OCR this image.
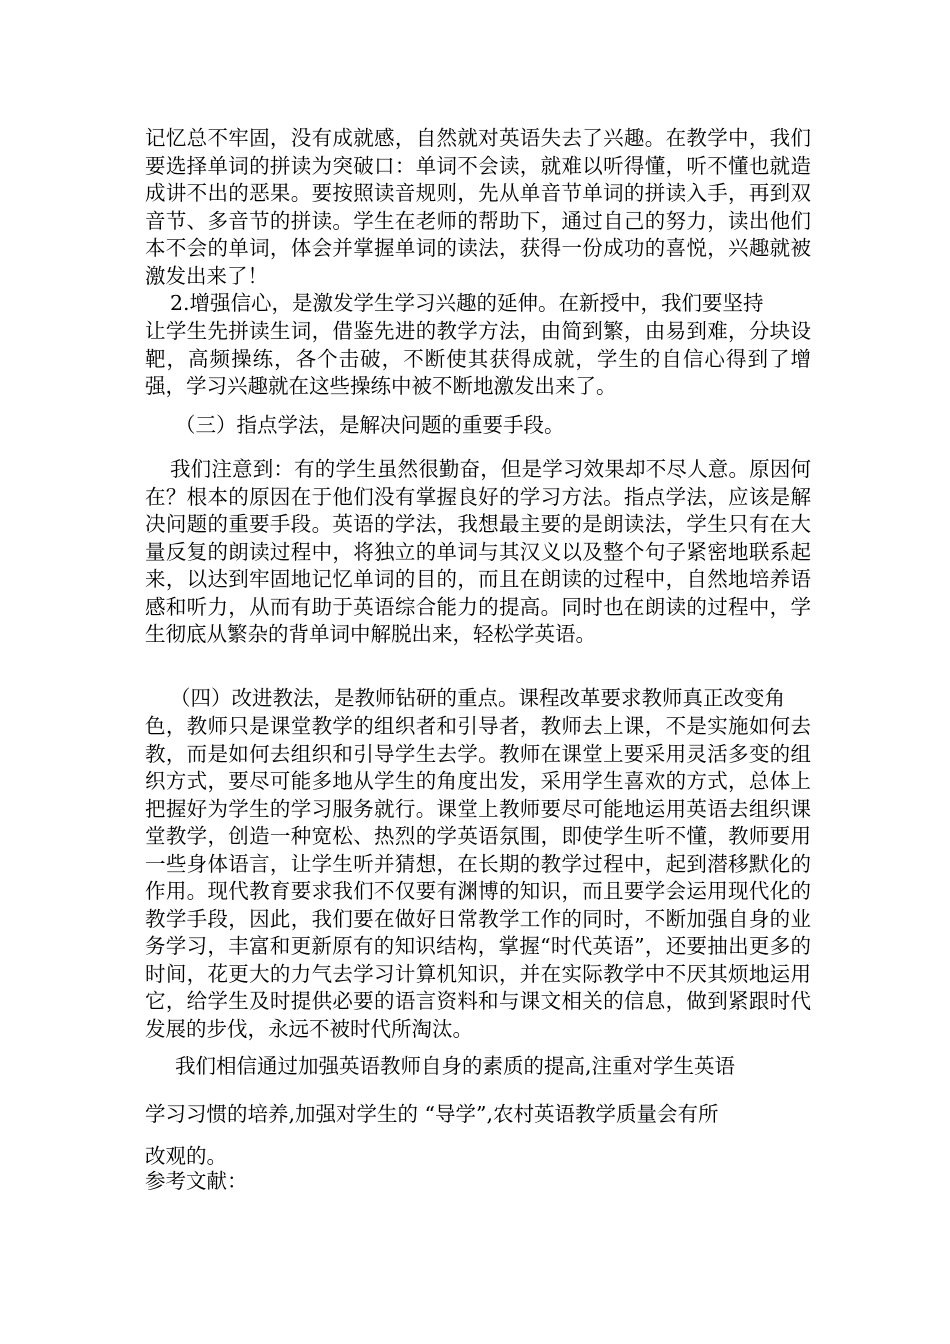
记忆总不牢固，没有成就感，自然就对英语失去了兴趣。在教学中，我们要选择单词的拼读为突破口：单词不会读，就难以听得懂，听不懂也就造成讲不出的恶果。要按照读音规则，先从单音节单词的拼读入手，再到双音节、多音节的拼读。学生在老师的帮助下，通过自己的努力，读出他们本不会的单词，体会并掌握单词的读法，获得一份成功的喜悦，兴趣就被激发出来了！

2.增强信心，是激发学生学习兴趣的延伸。在新授中，我们要坚持

让学生先拼读生词，借鉴先进的教学方法，由简到繁，由易到难，分块设靶，高频操练，各个击破，不断使其获得成就，学生的自信心得到了增强，学习兴趣就在这些操练中被不断地激发出来了。

（三）指点学法，是解决问题的重要手段。

我们注意到：有的学生虽然很勤奋，但是学习效果却不尽人意。原因何在？根本的原因在于他们没有掌握良好的学习方法。指点学法，应该是解决问题的重要手段。英语的学法，我想最主要的是朗读法，学生只有在大量反复的朗读过程中，将独立的单词与其汉义以及整个句子紧密地联系起来，以达到牢固地记忆单词的目的，而且在朗读的过程中，自然地培养语感和听力，从而有助于英语综合能力的提高。同时也在朗读的过程中，学生彻底从繁杂的背单词中解脱出来，轻松学英语。

（四）改进教法，是教师钻研的重点。课程改革要求教师真正改变角

色，教师只是课堂教学的组织者和引导者，教师去上课，不是实施如何去教，而是如何去组织和引导学生去学。教师在课堂上要采用灵活多变的组织方式，要尽可能多地从学生的角度出发，采用学生喜欢的方式，总体上把握好为学生的学习服务就行。课堂上教师要尽可能地运用英语去组织课堂教学，创造一种宽松、热烈的学英语氛围，即使学生听不懂，教师要用一些身体语言，让学生听并猜想，在长期的教学过程中，起到潜移默化的作用。现代教育要求我们不仅要有渊博的知识，而且要学会运用现代化的教学手段，因此，我们要在做好日常教学工作的同时，不断加强自身的业务学习，丰富和更新原有的知识结构，掌握“时代英语”，还要抽出更多的时间，花更大的力气去学习计算机知识，并在实际教学中不厌其烦地运用它，给学生及时提供必要的语言资料和与课文相关的信息，做到紧跟时代发展的步伐，永远不被时代所淘汰。

我们相信通过加强英语教师自身的素质的提高,注重对学生英语

学习习惯的培养,加强对学生的 “导学”,农村英语教学质量会有所

改观的。

参考文献：
